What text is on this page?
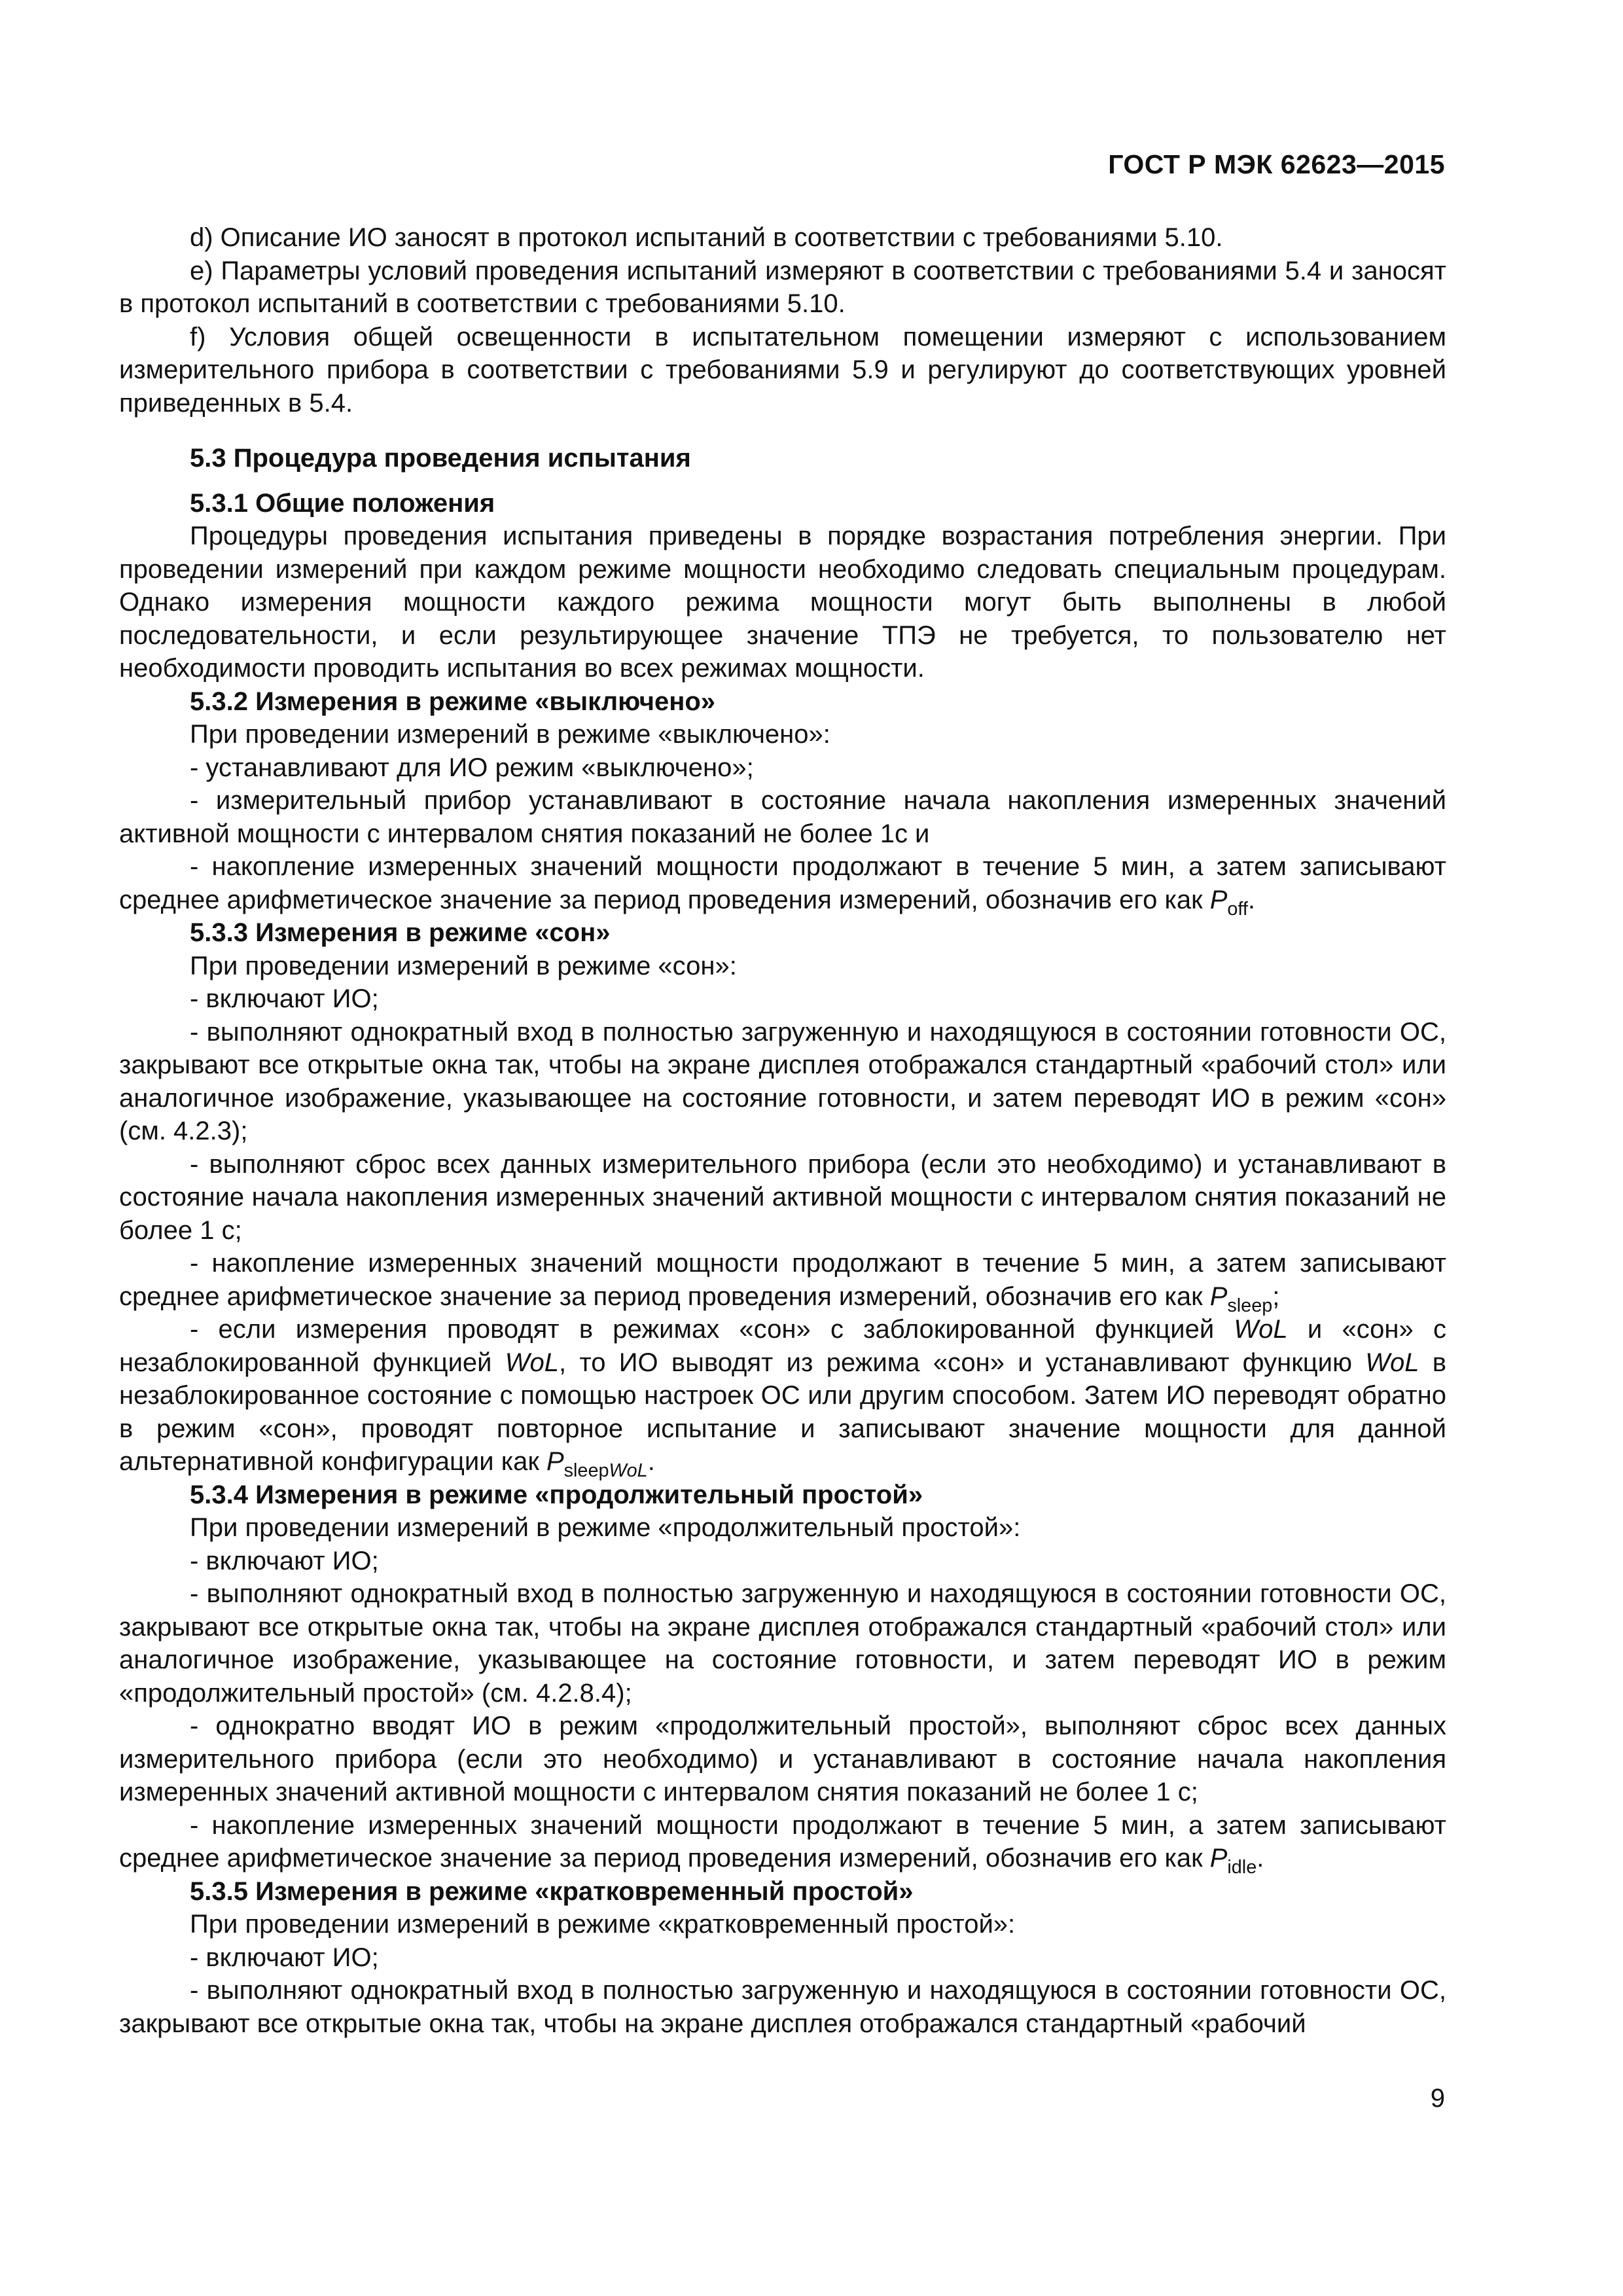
ГОСТ Р МЭК 62623—2015

d) Описание ИО заносят в протокол испытаний в соответствии с требованиями 5.10.

e) Параметры условий проведения испытаний измеряют в соответствии с требованиями 5.4 и заносят в протокол испытаний в соответствии с требованиями 5.10.

f) Условия общей освещенности в испытательном помещении измеряют с использованием измерительного прибора в соответствии с требованиями 5.9 и регулируют до соответствующих уровней приведенных в 5.4.

5.3 Процедура проведения испытания

5.3.1 Общие положения

Процедуры проведения испытания приведены в порядке возрастания потребления энергии. При проведении измерений при каждом режиме мощности необходимо следовать специальным процедурам. Однако измерения мощности каждого режима мощности могут быть выполнены в любой последовательности, и если результирующее значение ТПЭ не требуется, то пользователю нет необходимости проводить испытания во всех режимах мощности.

5.3.2 Измерения в режиме «выключено»

При проведении измерений в режиме «выключено»:

- устанавливают для ИО режим «выключено»;

- измерительный прибор устанавливают в состояние начала накопления измеренных значений активной мощности с интервалом снятия показаний не более 1с и

- накопление измеренных значений мощности продолжают в течение 5 мин, а затем записывают среднее арифметическое значение за период проведения измерений, обозначив его как $P_{off}$.

5.3.3 Измерения в режиме «сон»

При проведении измерений в режиме «сон»:

- включают ИО;

- выполняют однократный вход в полностью загруженную и находящуюся в состоянии готовности ОС, закрывают все открытые окна так, чтобы на экране дисплея отображался стандартный «рабочий стол» или аналогичное изображение, указывающее на состояние готовности, и затем переводят ИО в режим «сон» (см. 4.2.3);

- выполняют сброс всех данных измерительного прибора (если это необходимо) и устанавливают в состояние начала накопления измеренных значений активной мощности с интервалом снятия показаний не более 1 с;

- накопление измеренных значений мощности продолжают в течение 5 мин, а затем записывают среднее арифметическое значение за период проведения измерений, обозначив его как $P_{sleep}$;

- если измерения проводят в режимах «сон» с заблокированной функцией WoL и «сон» с незаблокированной функцией WoL, то ИО выводят из режима «сон» и устанавливают функцию WoL в незаблокированное состояние с помощью настроек ОС или другим способом. Затем ИО переводят обратно в режим «сон», проводят повторное испытание и записывают значение мощности для данной альтернативной конфигурации как $P_{sleepWoL}$.

5.3.4 Измерения в режиме «продолжительный простой»

При проведении измерений в режиме «продолжительный простой»:

- включают ИО;

- выполняют однократный вход в полностью загруженную и находящуюся в состоянии готовности ОС, закрывают все открытые окна так, чтобы на экране дисплея отображался стандартный «рабочий стол» или аналогичное изображение, указывающее на состояние готовности, и затем переводят ИО в режим «продолжительный простой» (см. 4.2.8.4);

- однократно вводят ИО в режим «продолжительный простой», выполняют сброс всех данных измерительного прибора (если это необходимо) и устанавливают в состояние начала накопления измеренных значений активной мощности с интервалом снятия показаний не более 1 с;

- накопление измеренных значений мощности продолжают в течение 5 мин, а затем записывают среднее арифметическое значение за период проведения измерений, обозначив его как $P_{idle}$.

5.3.5 Измерения в режиме «кратковременный простой»

При проведении измерений в режиме «кратковременный простой»:

- включают ИО;

- выполняют однократный вход в полностью загруженную и находящуюся в состоянии готовности ОС, закрывают все открытые окна так, чтобы на экране дисплея отображался стандартный «рабочий

9
